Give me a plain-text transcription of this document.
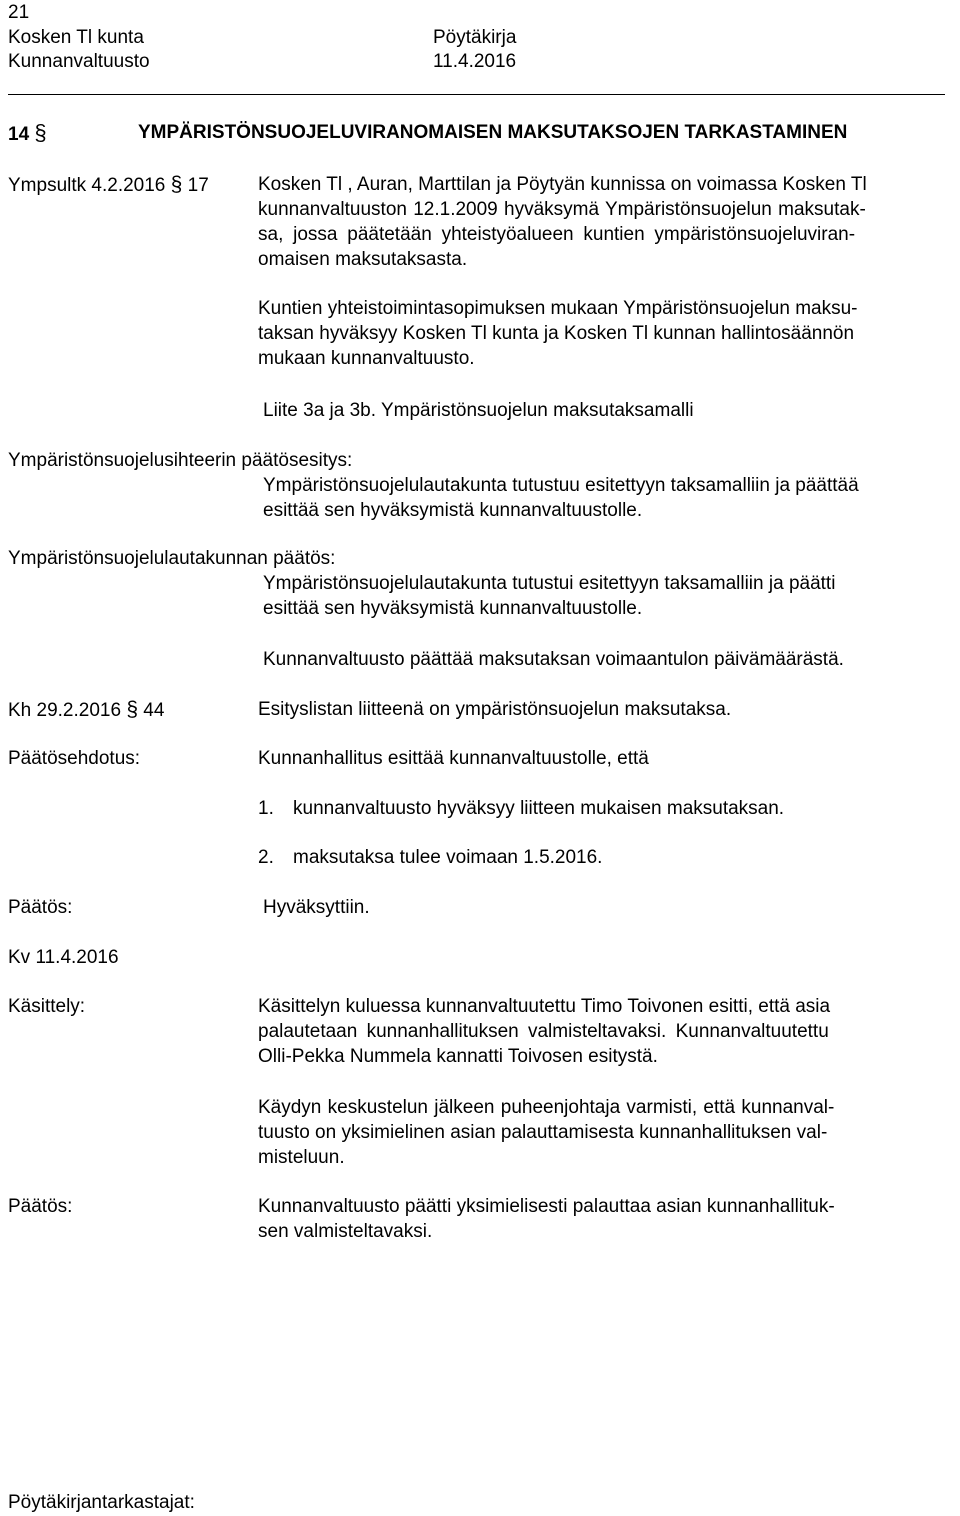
21
Kosken Tl kunta	Pöytäkirja
Kunnanvaltuusto	11.4.2016
14 §	YMPÄRISTÖNSUOJELUVIRANOMAISEN MAKSUTAKSOJEN TARKASTAMINEN
Ympsultk 4.2.2016 § 17	Kosken Tl , Auran, Marttilan ja Pöytyän kunnissa on voimassa Kosken Tl
kunnanvaltuuston 12.1.2009 hyväksymä Ympäristönsuojelun maksutak-
sa, jossa päätetään yhteistyöalueen kuntien ympäristönsuojeluviran-
omaisen maksutaksasta.
Kuntien yhteistoimintasopimuksen mukaan Ympäristönsuojelun maksu-
taksan hyväksyy Kosken Tl kunta ja Kosken Tl kunnan hallintosäännön
mukaan kunnanvaltuusto.
Liite 3a ja 3b. Ympäristönsuojelun maksutaksamalli
Ympäristönsuojelusihteerin päätösesitys:
Ympäristönsuojelulautakunta tutustuu esitettyyn taksamalliin ja päättää
esittää sen hyväksymistä kunnanvaltuustolle.
Ympäristönsuojelulautakunnan päätös:
Ympäristönsuojelulautakunta tutustui esitettyyn taksamalliin ja päätti
esittää sen hyväksymistä kunnanvaltuustolle.
Kunnanvaltuusto päättää maksutaksan voimaantulon päivämäärästä.
Kh 29.2.2016 § 44	Esityslistan liitteenä on ympäristönsuojelun maksutaksa.
Päätösehdotus:	Kunnanhallitus esittää kunnanvaltuustolle, että
1. kunnanvaltuusto hyväksyy liitteen mukaisen maksutaksan.
2. maksutaksa tulee voimaan 1.5.2016.
Päätös:	Hyväksyttiin.
Kv 11.4.2016
Käsittely:	Käsittelyn kuluessa kunnanvaltuutettu Timo Toivonen esitti, että asia
palautetaan kunnanhallituksen valmisteltavaksi. Kunnanvaltuutettu
Olli-Pekka Nummela kannatti Toivosen esitystä.
Käydyn keskustelun jälkeen puheenjohtaja varmisti, että kunnanval-
tuusto on yksimielinen asian palauttamisesta kunnanhallituksen val-
misteluun.
Päätös:	Kunnanvaltuusto päätti yksimielisesti palauttaa asian kunnanhallituk-
sen valmisteltavaksi.
Pöytäkirjantarkastajat:
